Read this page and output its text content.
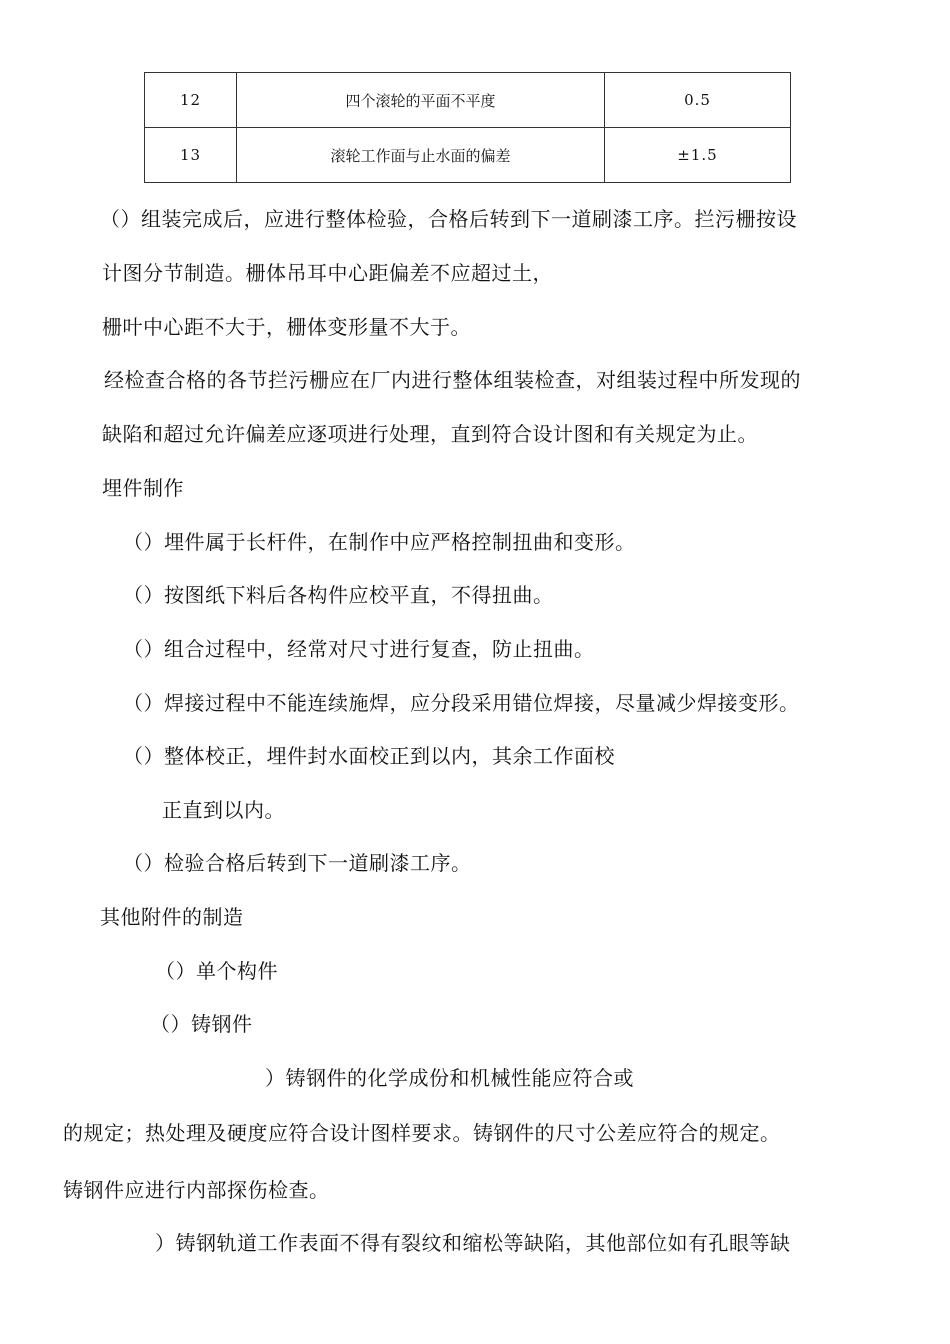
12	四个滚轮的平面不平度	0.5
13	滚轮工作面与止水面的偏差	±1.5
（）组装完成后，应进行整体检验，合格后转到下一道刷漆工序。拦污栅按设
计图分节制造。栅体吊耳中心距偏差不应超过土，
栅叶中心距不大于，栅体变形量不大于。
经检查合格的各节拦污栅应在厂内进行整体组装检查，对组装过程中所发现的
缺陷和超过允许偏差应逐项进行处理，直到符合设计图和有关规定为止。
埋件制作
（）埋件属于长杆件，在制作中应严格控制扭曲和变形。
（）按图纸下料后各构件应校平直，不得扭曲。
（）组合过程中，经常对尺寸进行复查，防止扭曲。
（）焊接过程中不能连续施焊，应分段采用错位焊接，尽量减少焊接变形。
（）整体校正，埋件封水面校正到以内，其余工作面校
正直到以内。
（）检验合格后转到下一道刷漆工序。
其他附件的制造
（）单个构件
（）铸钢件
）铸钢件的化学成份和机械性能应符合或
的规定；热处理及硬度应符合设计图样要求。铸钢件的尺寸公差应符合的规定。
铸钢件应进行内部探伤检查。
）铸钢轨道工作表面不得有裂纹和缩松等缺陷，其他部位如有孔眼等缺
